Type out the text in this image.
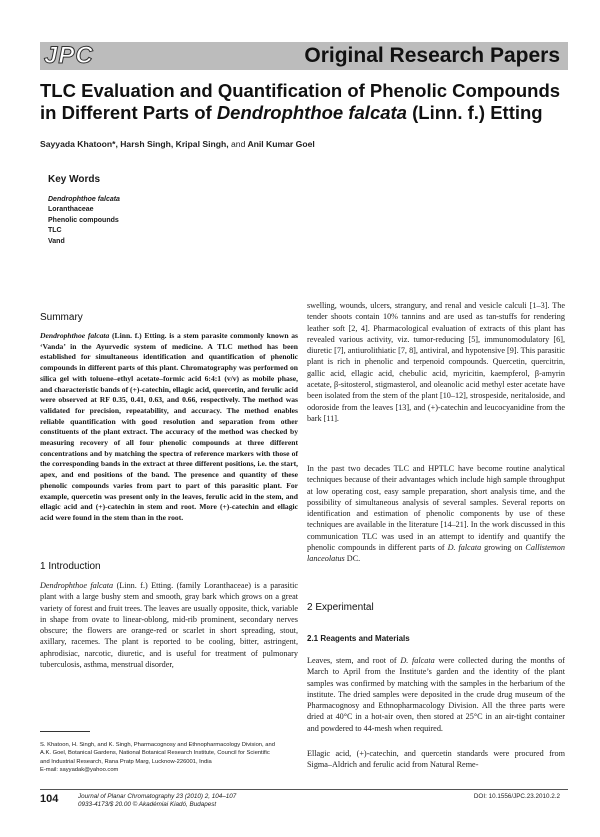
JPC	Original Research Papers
TLC Evaluation and Quantification of Phenolic Compounds
in Different Parts of Dendrophthoe falcata (Linn. f.) Etting
Sayyada Khatoon*, Harsh Singh, Kripal Singh, and Anil Kumar Goel
Key Words
Dendrophthoe falcata
Loranthaceae
Phenolic compounds
TLC
Vand
Summary

Dendrophthoe falcata (Linn. f.) Etting. is a stem parasite commonly known as ‘Vanda’ in the Ayurvedic system of medicine. A TLC method has been established for simultaneous identification and quantification of phenolic compounds in different parts of this plant. Chromatography was performed on silica gel with toluene–ethyl acetate–formic acid 6:4:1 (v/v) as mobile phase, and characteristic bands of (+)-catechin, ellagic acid, quercetin, and ferulic acid were observed at RF 0.35, 0.41, 0.63, and 0.66, respectively. The method was validated for precision, repeatability, and accuracy. The method enables reliable quantification with good resolution and separation from other constituents of the plant extract. The accuracy of the method was checked by measuring recovery of all four phenolic compounds at three different concentrations and by matching the spectra of reference markers with those of the corresponding bands in the extract at three different positions, i.e. the start, apex, and end positions of the band. The presence and quantity of these phenolic compounds varies from part to part of this parasitic plant. For example, quercetin was present only in the leaves, ferulic acid in the stem, and ellagic acid and (+)-catechin in stem and root. More (+)-catechin and ellagic acid were found in the stem than in the root.

1 Introduction

Dendrophthoe falcata (Linn. f.) Etting. (family Loranthaceae) is a parasitic plant with a large bushy stem and smooth, gray bark which grows on a great variety of forest and fruit trees. The leaves are usually opposite, thick, variable in shape from ovate to linear-oblong, mid-rib prominent, secondary nerves obscure; the flowers are orange-red or scarlet in short spreading, stout, axillary, racemes. The plant is reported to be cooling, bitter, astringent, aphrodisiac, narcotic, diuretic, and is useful for treatment of pulmonary tuberculosis, asthma, menstrual disorder,

swelling, wounds, ulcers, strangury, and renal and vesicle calculi [1–3]. The tender shoots contain 10% tannins and are used as tan-stuffs for rendering leather soft [2, 4]. Pharmacological evaluation of extracts of this plant has revealed various activity, viz. tumor-reducing [5], immunomodulatory [6], diuretic [7], antiurolithiatic [7, 8], antiviral, and hypotensive [9]. This parasitic plant is rich in phenolic and terpenoid compounds. Quercetin, quercitrin, gallic acid, ellagic acid, chebulic acid, myricitin, kaempferol, β-amyrin acetate, β-sitosterol, stigmasterol, and oleanolic acid methyl ester acetate have been isolated from the stem of the plant [10–12], strospeside, neritaloside, and odoroside from the leaves [13], and (+)-catechin and leucocyanidine from the bark [11].

In the past two decades TLC and HPTLC have become routine analytical techniques because of their advantages which include high sample throughput at low operating cost, easy sample preparation, short analysis time, and the possibility of simultaneous analysis of several samples. Several reports on identification and estimation of phenolic components by use of these techniques are available in the literature [14–21]. In the work discussed in this communication TLC was used in an attempt to identify and quantify the phenolic compounds in different parts of D. falcata growing on Callistemon lanceolatus DC.

2 Experimental
2.1 Reagents and Materials

Leaves, stem, and root of D. falcata were collected during the months of March to April from the Institute’s garden and the identity of the plant samples was confirmed by matching with the samples in the herbarium of the institute. The dried samples were deposited in the crude drug museum of the Pharmacognosy and Ethnopharmacology Division. All the three parts were dried at 40°C in a hot-air oven, then stored at 25°C in an air-tight container and powdered to 44-mesh when required.

Ellagic acid, (+)-catechin, and quercetin standards were procured from Sigma–Aldrich and ferulic acid from Natural Reme-

S. Khatoon, H. Singh, and K. Singh, Pharmacognosy and Ethnopharmacology Division, and A.K. Goel, Botanical Gardens, National Botanical Research Institute, Council for Scientific and Industrial Research, Rana Pratp Marg, Lucknow-226001, India
E-mail: sayyadak@yahoo.com
104	Journal of Planar Chromatography 23 (2010) 2, 104–107
0933-4173/$ 20.00 © Akadémiai Kiadó, Budapest
DOI: 10.1556/JPC.23.2010.2.2
